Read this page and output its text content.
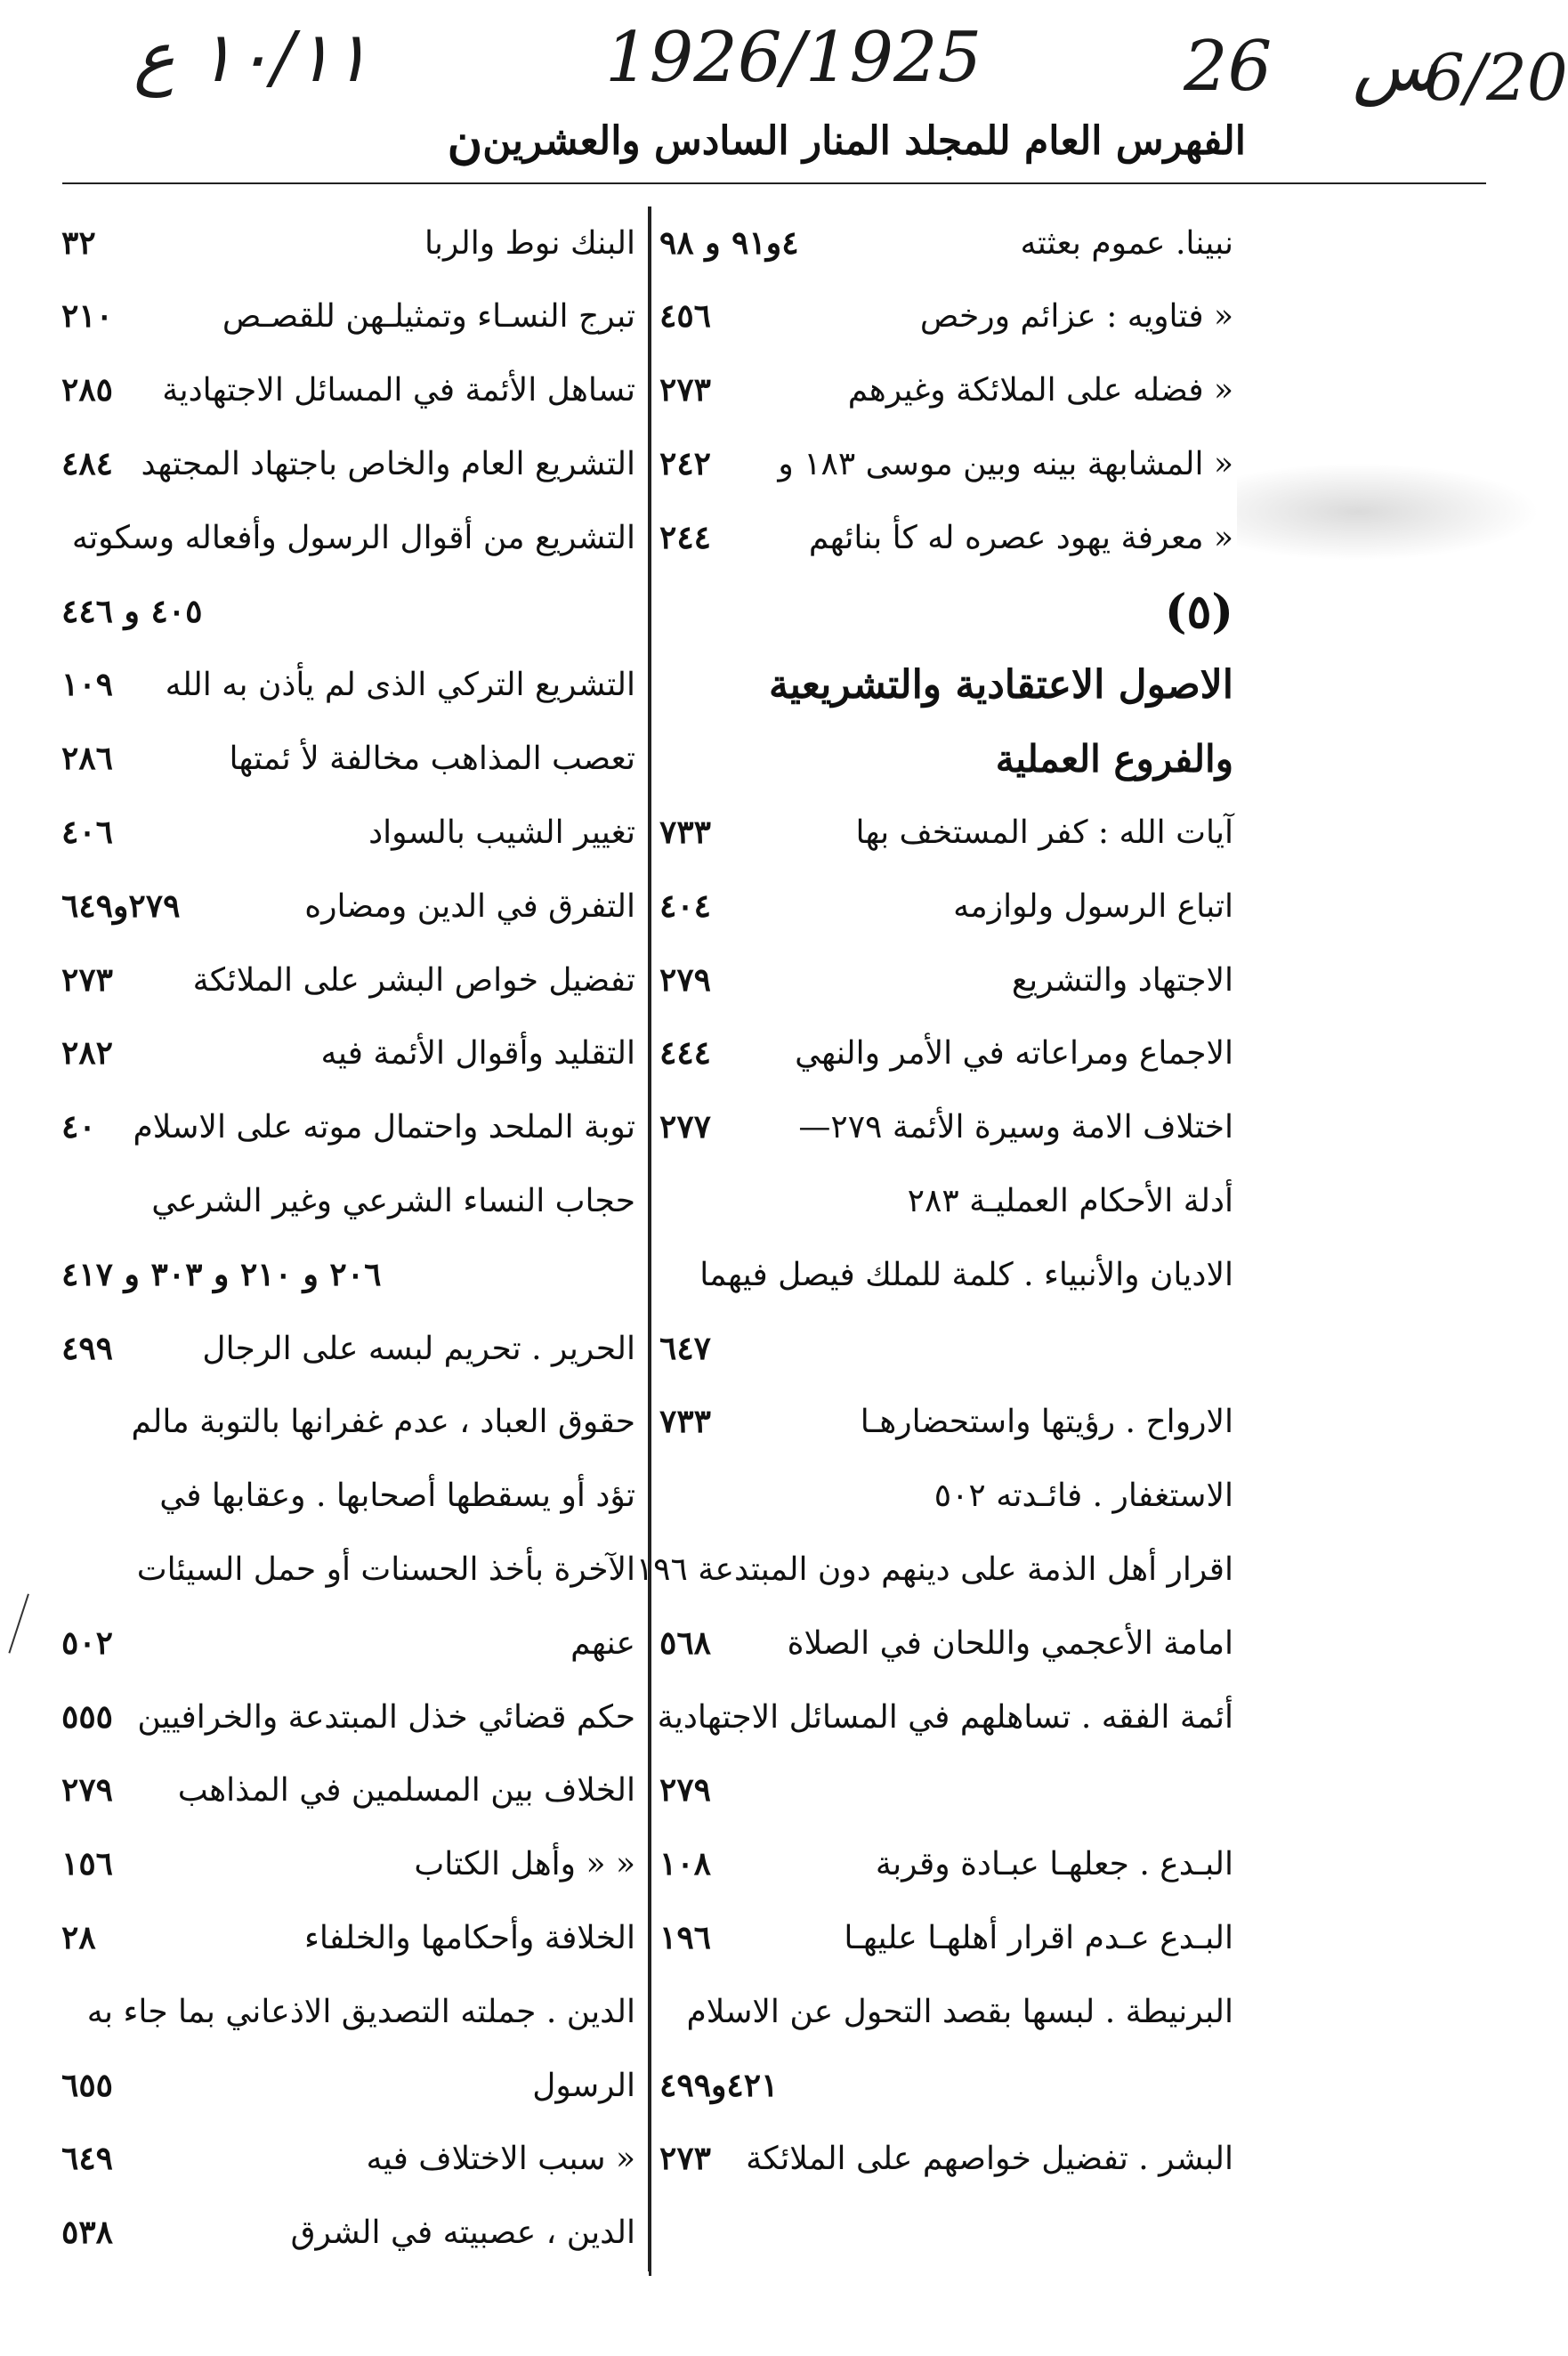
١٠/١١ ع	1926/1925	26 س
6/20
الفهرس العام للمجلد المنار السادس والعشرين
ن
نبينا. عموم بعثته
٤و٩١ و ٩٨
« فتاويه : عزائم ورخص
٤٥٦
« فضله على الملائكة وغيرهم
٢٧٣
« المشابهة بينه وبين موسى ١٨٣ و
٢٤٢
« معرفة يهود عصره له كأ بنائهم
٢٤٤
(٥)
الاصول الاعتقادية والتشريعية
والفروع العملية
آيات الله : كفر المستخف بها
٧٣٣
اتباع الرسول ولوازمه
٤٠٤
الاجتهاد والتشريع
٢٧٩
الاجماع ومراعاته في الأمر والنهي
٤٤٤
اختلاف الامة وسيرة الأئمة ٢٧٩—
٢٧٧
أدلة الأحكام العمليـة ٢٨٣
الاديان والأنبياء . كلمة للملك فيصل فيهما
٦٤٧
الارواح . رؤيتها واستحضارهـا
٧٣٣
الاستغفار . فائـدته ٥٠٢
اقرار أهل الذمة على دينهم دون المبتدعة ١٩٦
امامة الأعجمي واللحان في الصلاة
٥٦٨
أئمة الفقه . تساهلهم في المسائل الاجتهادية
٢٧٩
البـدع . جعلهـا عبـادة وقربة
١٠٨
البـدع عـدم اقرار أهلهـا عليهـا
١٩٦
البرنيطة . لبسها بقصد التحول عن الاسلام
٤٢١و٤٩٩
البشر . تفضيل خواصهم على الملائكة
٢٧٣
البنك نوط والربا
٣٢
تبرج النسـاء وتمثيلـهن للقصـص
٢١٠
تساهل الأئمة في المسائل الاجتهادية
٢٨٥
التشريع العام والخاص باجتهاد المجتهد
٤٨٤
التشريع من أقوال الرسول وأفعاله وسكوته
٤٠٥ و ٤٤٦
التشريع التركي الذى لم يأذن به الله
١٠٩
تعصب المذاهب مخالفة لأ ئمتها
٢٨٦
تغيير الشيب بالسواد
٤٠٦
التفرق في الدين ومضاره
٢٧٩و٦٤٩
تفضيل خواص البشر على الملائكة
٢٧٣
التقليد وأقوال الأئمة فيه
٢٨٢
توبة الملحد واحتمال موته على الاسلام
٤٠
حجاب النساء الشرعي وغير الشرعي
٢٠٦ و ٢١٠ و ٣٠٣ و ٤١٧
الحرير . تحريم لبسه على الرجال
٤٩٩
حقوق العباد ، عدم غفرانها بالتوبة مالم
تؤد أو يسقطها أصحابها . وعقابها في
الآخرة بأخذ الحسنات أو حمل السيئات
عنهم
٥٠٢
حكم قضائي خذل المبتدعة والخرافيين
٥٥٥
الخلاف بين المسلمين في المذاهب
٢٧٩
« « وأهل الكتاب
١٥٦
الخلافة وأحكامها والخلفاء
٢٨
الدين . جملته التصديق الاذعاني بما جاء به
الرسول
٦٥٥
« سبب الاختلاف فيه
٦٤٩
الدين ، عصبيته في الشرق
٥٣٨
